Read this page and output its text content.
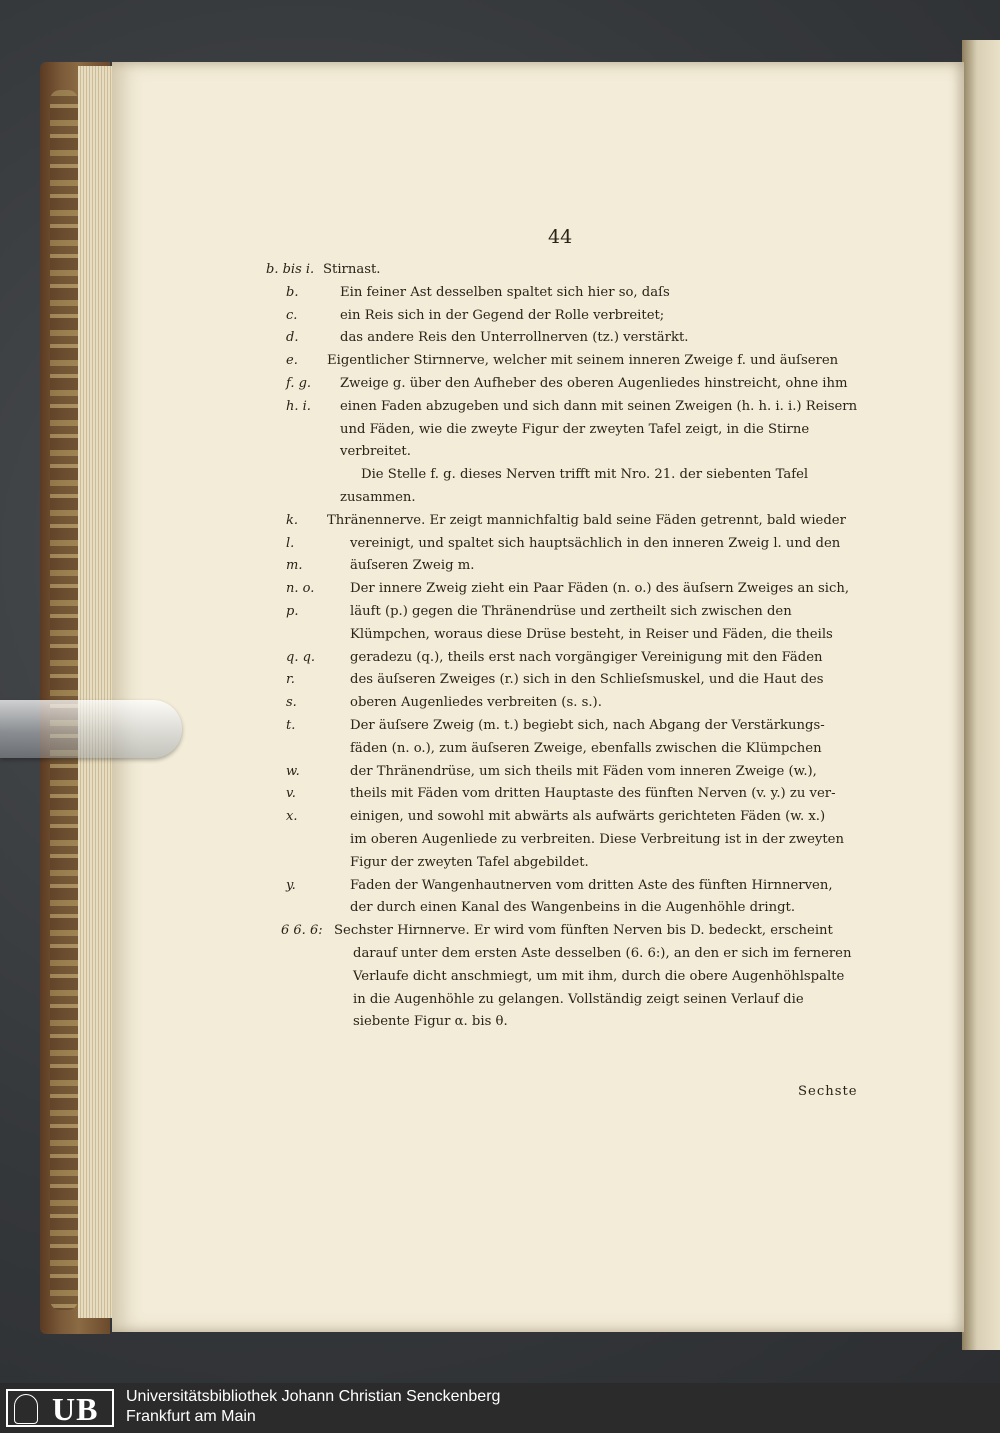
44
b. bis i. Stirnast.
b.	Ein feiner Ast desselben spaltet sich hier so, daſs
c.	ein Reis sich in der Gegend der Rolle verbreitet;
d.	das andere Reis den Unterrollnerven (tz.) verstärkt.
e. Eigentlicher Stirnnerve, welcher mit seinem inneren Zweige f. und äuſseren
f. g. Zweige g. über den Aufheber des oberen Augenliedes hinstreicht, ohne ihm
h. i. einen Faden abzugeben und sich dann mit seinen Zweigen (h. h. i. i.) Reisern
und Fäden, wie die zweyte Figur der zweyten Tafel zeigt, in die Stirne
verbreitet.
Die Stelle f. g. dieses Nerven trifft mit Nro. 21. der siebenten Tafel
zusammen.
k. Thränennerve. Er zeigt mannichfaltig bald seine Fäden getrennt, bald wieder
l.	vereinigt, und spaltet sich hauptsächlich in den inneren Zweig l. und den
m.	äuſseren Zweig m.
n. o.	Der innere Zweig zieht ein Paar Fäden (n. o.) des äuſsern Zweiges an sich,
p.	läuft (p.) gegen die Thränendrüse und zertheilt sich zwischen den
Klümpchen, woraus diese Drüse besteht, in Reiser und Fäden, die theils
q. q.	geradezu (q.), theils erst nach vorgängiger Vereinigung mit den Fäden
r.	des äuſseren Zweiges (r.) sich in den Schlieſsmuskel, und die Haut des
s.	oberen Augenliedes verbreiten (s. s.).
t.	Der äuſsere Zweig (m. t.) begiebt sich, nach Abgang der Verstärkungs-
fäden (n. o.), zum äuſseren Zweige, ebenfalls zwischen die Klümpchen
w.	der Thränendrüse, um sich theils mit Fäden vom inneren Zweige (w.),
v.	theils mit Fäden vom dritten Hauptaste des fünften Nerven (v. y.) zu ver-
x.	einigen, und sowohl mit abwärts als aufwärts gerichteten Fäden (w. x.)
im oberen Augenliede zu verbreiten. Diese Verbreitung ist in der zweyten
Figur der zweyten Tafel abgebildet.
y.	Faden der Wangenhautnerven vom dritten Aste des fünften Hirnnerven,
der durch einen Kanal des Wangenbeins in die Augenhöhle dringt.
6 6. 6: Sechster Hirnnerve. Er wird vom fünften Nerven bis D. bedeckt, erscheint
darauf unter dem ersten Aste desselben (6. 6:), an den er sich im ferneren
Verlaufe dicht anschmiegt, um mit ihm, durch die obere Augenhöhlspalte
in die Augenhöhle zu gelangen. Vollständig zeigt seinen Verlauf die
siebente Figur α. bis θ.
Sechste
UB Universitätsbibliothek Johann Christian Senckenberg
Frankfurt am Main
